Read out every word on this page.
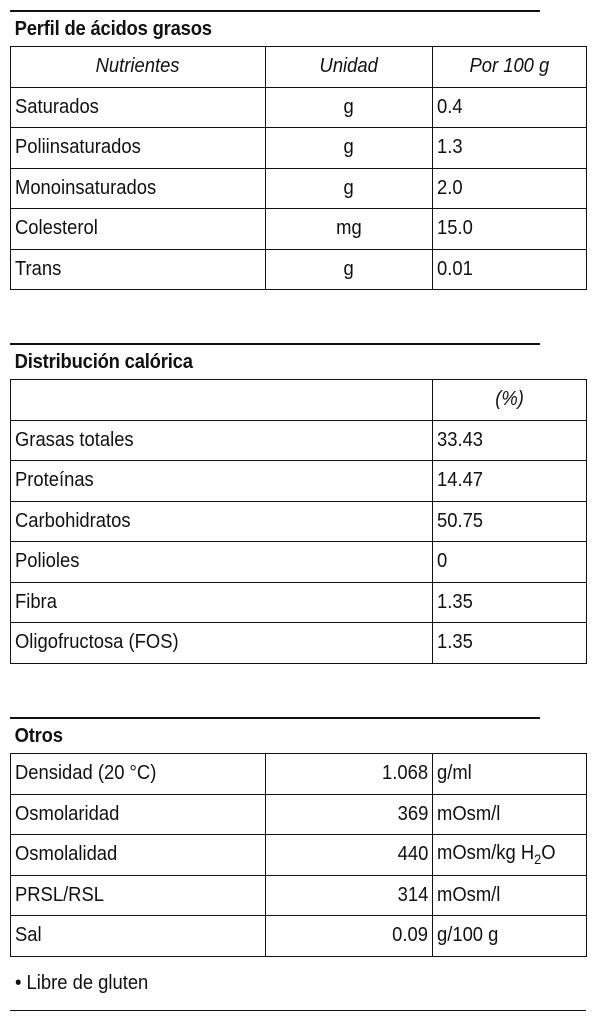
Perfil de ácidos grasos
Nutrientes	Unidad	Por 100 g
Saturados	g	0.4
Poliinsaturados	g	1.3
Monoinsaturados	g	2.0
Colesterol	mg	15.0
Trans	g	0.01
Distribución calórica
	(%)
Grasas totales	33.43
Proteínas	14.47
Carbohidratos	50.75
Polioles	0
Fibra	1.35
Oligofructosa (FOS)	1.35
Otros
Densidad (20 °C)	1.068	g/ml
Osmolaridad	369	mOsm/l
Osmolalidad	440	mOsm/kg $H_2O$
PRSL/RSL	314	mOsm/l
Sal	0.09	g/100 g
• Libre de gluten
